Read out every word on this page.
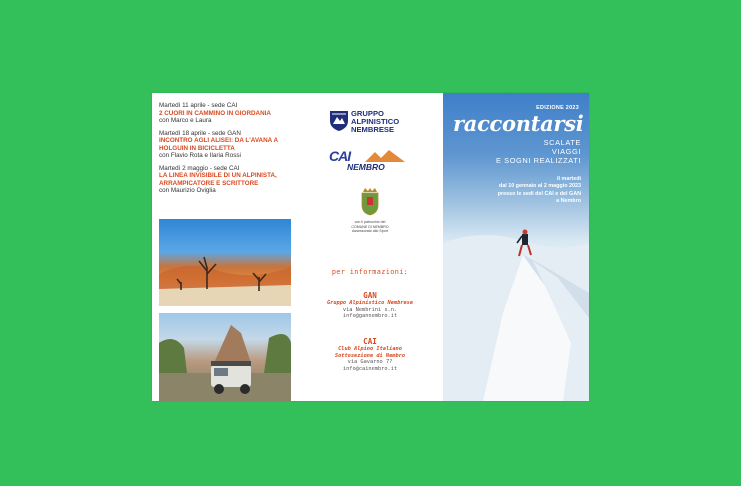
Martedì 11 aprile - sede CAI
2 CUORI IN CAMMINO IN GIORDANIA
con Marco e Laura
Martedì 18 aprile - sede GAN
INCONTRO AGLI ALISEI: DA L'AVANA A HOLGUIN IN BICICLETTA
con Flavio Rota e Ilaria Rossi
Martedì 2 maggio - sede CAI
LA LINEA INVISIBILE DI UN ALPINISTA, ARRAMPICATORE E SCRITTORE
con Maurizio Oviglia
GRUPPO
ALPINISTICO
NEMBRESE
CAI
NEMBRO
con il patrocinio del
COMUNE DI NEMBRO
Assessorato allo Sport
per informazioni:
GAN
Gruppo Alpinistico Nembrese
via Nembrini s.n.
info@gannembro.it
CAI
Club Alpino Italiano
Sottosezione di Nembro
via Gavarno 7?
info@cainembro.it
EDIZIONE 2023
raccontarsi
SCALATE
VIAGGI
E SOGNI REALIZZATI
il martedì
dal 10 gennaio al 2 maggio 2023
presso le sedi del CAI e del GAN
a Nembro
